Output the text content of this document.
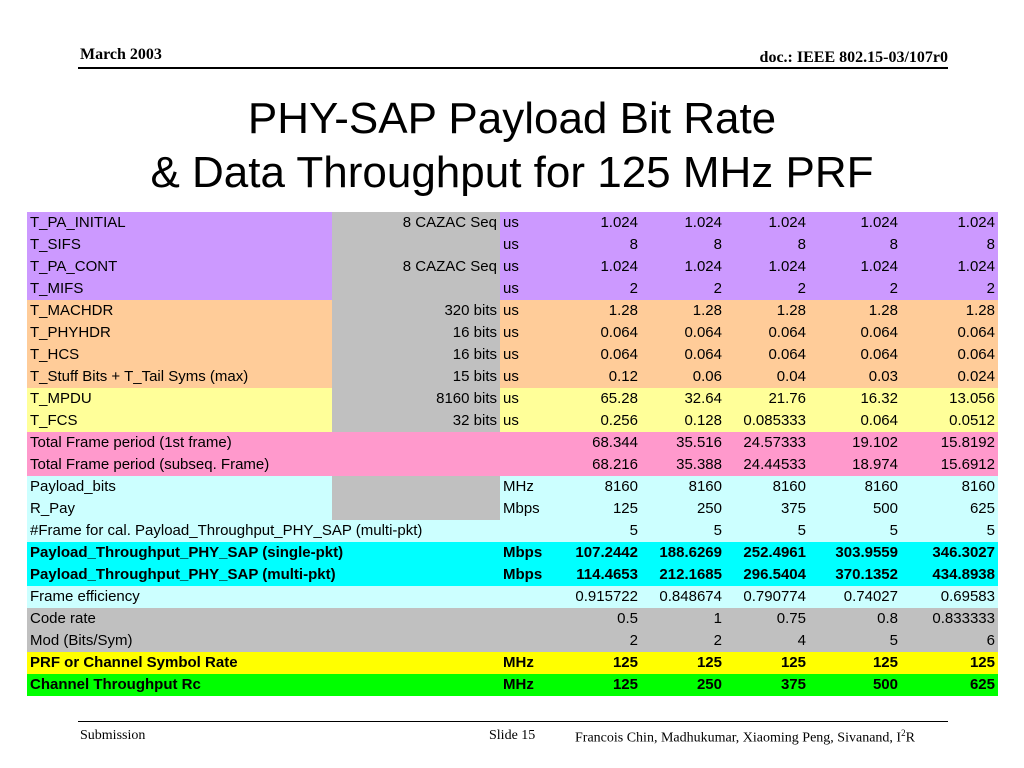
March 2003	doc.: IEEE 802.15-03/107r0
PHY-SAP Payload Bit Rate
& Data Throughput for 125 MHz PRF
T_PA_INITIAL	8 CAZAC Seq	us	1.024	1.024	1.024	1.024	1.024
T_SIFS		us	8	8	8	8	8
T_PA_CONT	8 CAZAC Seq	us	1.024	1.024	1.024	1.024	1.024
T_MIFS		us	2	2	2	2	2
T_MACHDR	320 bits	us	1.28	1.28	1.28	1.28	1.28
T_PHYHDR	16 bits	us	0.064	0.064	0.064	0.064	0.064
T_HCS	16 bits	us	0.064	0.064	0.064	0.064	0.064
T_Stuff Bits + T_Tail Syms (max)	15 bits	us	0.12	0.06	0.04	0.03	0.024
T_MPDU	8160 bits	us	65.28	32.64	21.76	16.32	13.056
T_FCS	32 bits	us	0.256	0.128	0.085333	0.064	0.0512
Total Frame period (1st frame)			68.344	35.516	24.57333	19.102	15.8192
Total Frame period (subseq. Frame)			68.216	35.388	24.44533	18.974	15.6912
Payload_bits		MHz	8160	8160	8160	8160	8160
R_Pay		Mbps	125	250	375	500	625
#Frame for cal. Payload_Throughput_PHY_SAP (multi-pkt)			5	5	5	5	5
Payload_Throughput_PHY_SAP (single-pkt)		Mbps	107.2442	188.6269	252.4961	303.9559	346.3027
Payload_Throughput_PHY_SAP (multi-pkt)		Mbps	114.4653	212.1685	296.5404	370.1352	434.8938
Frame efficiency			0.915722	0.848674	0.790774	0.74027	0.69583
Code rate			0.5	1	0.75	0.8	0.833333
Mod (Bits/Sym)			2	2	4	5	6
PRF or Channel Symbol Rate		MHz	125	125	125	125	125
Channel Throughput Rc		MHz	125	250	375	500	625
Submission	Slide 15	Francois Chin, Madhukumar, Xiaoming Peng, Sivanand, $I^2R$
